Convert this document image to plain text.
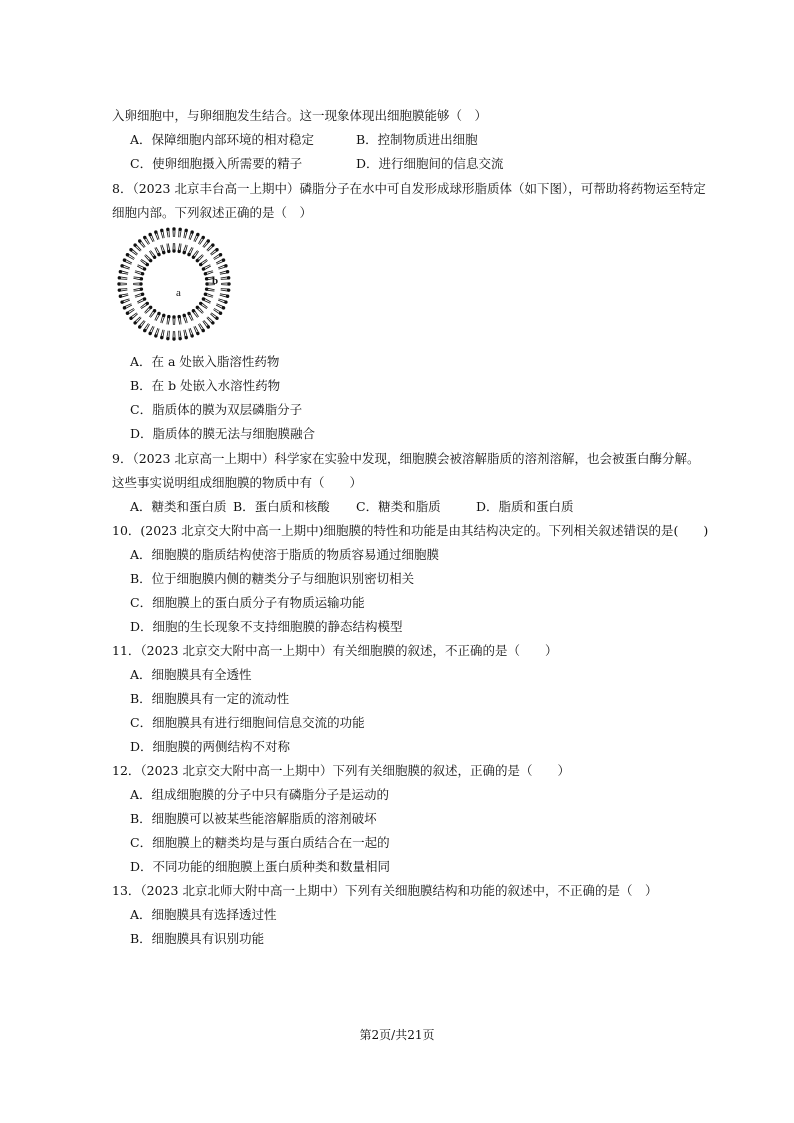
入卵细胞中，与卵细胞发生结合。这一现象体现出细胞膜能够（　）
A．保障细胞内部环境的相对稳定	B．控制物质进出细胞
C．使卵细胞摄入所需要的精子	D．进行细胞间的信息交流
8．（2023 北京丰台高一上期中）磷脂分子在水中可自发形成球形脂质体（如下图），可帮助将药物运至特定
细胞内部。下列叙述正确的是（　）
a
b
A．在 a 处嵌入脂溶性药物
B．在 b 处嵌入水溶性药物
C．脂质体的膜为双层磷脂分子
D．脂质体的膜无法与细胞膜融合
9．（2023 北京高一上期中）科学家在实验中发现，细胞膜会被溶解脂质的溶剂溶解，也会被蛋白酶分解。
这些事实说明组成细胞膜的物质中有（　　）
A．糖类和蛋白质 B．蛋白质和核酸 C．糖类和脂质	D．脂质和蛋白质
10．(2023 北京交大附中高一上期中)细胞膜的特性和功能是由其结构决定的。下列相关叙述错误的是(　　)
A．细胞膜的脂质结构使溶于脂质的物质容易通过细胞膜
B．位于细胞膜内侧的糖类分子与细胞识别密切相关
C．细胞膜上的蛋白质分子有物质运输功能
D．细胞的生长现象不支持细胞膜的静态结构模型
11．（2023 北京交大附中高一上期中）有关细胞膜的叙述，不正确的是（　　）
A．细胞膜具有全透性
B．细胞膜具有一定的流动性
C．细胞膜具有进行细胞间信息交流的功能
D．细胞膜的两侧结构不对称
12．（2023 北京交大附中高一上期中）下列有关细胞膜的叙述，正确的是（　　）
A．组成细胞膜的分子中只有磷脂分子是运动的
B．细胞膜可以被某些能溶解脂质的溶剂破坏
C．细胞膜上的糖类均是与蛋白质结合在一起的
D．不同功能的细胞膜上蛋白质种类和数量相同
13．（2023 北京北师大附中高一上期中）下列有关细胞膜结构和功能的叙述中，不正确的是（　）
A．细胞膜具有选择透过性
B．细胞膜具有识别功能
第2页/共21页
